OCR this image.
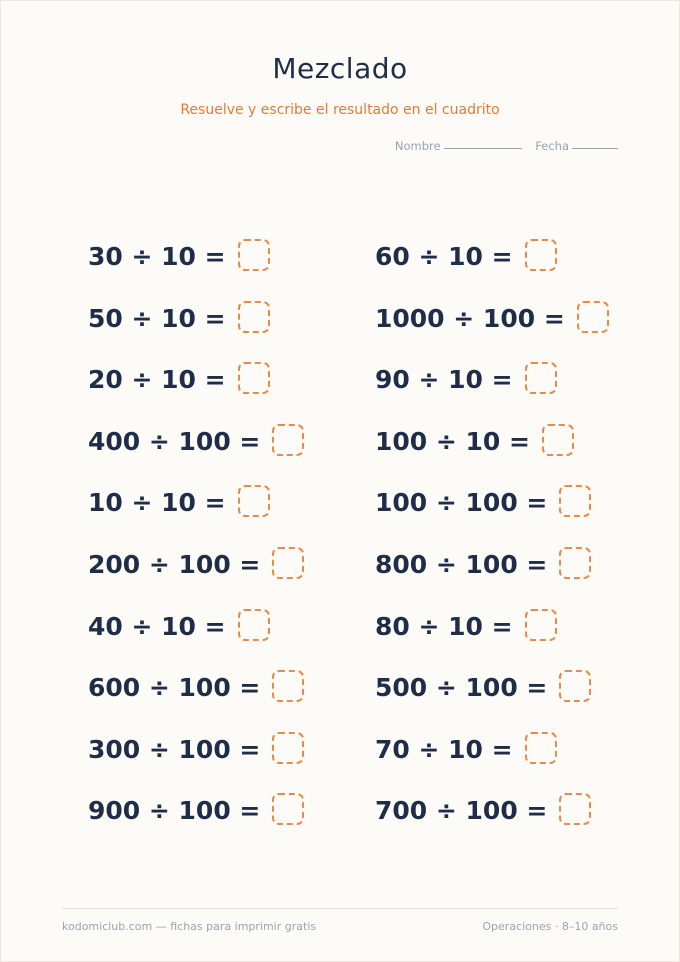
Mezclado
Resuelve y escribe el resultado en el cuadrito
Nombre	Fecha
30 ÷ 10 =
50 ÷ 10 =
20 ÷ 10 =
400 ÷ 100 =
10 ÷ 10 =
200 ÷ 100 =
40 ÷ 10 =
600 ÷ 100 =
300 ÷ 100 =
900 ÷ 100 =
60 ÷ 10 =
1000 ÷ 100 =
90 ÷ 10 =
100 ÷ 10 =
100 ÷ 100 =
800 ÷ 100 =
80 ÷ 10 =
500 ÷ 100 =
70 ÷ 10 =
700 ÷ 100 =
kodomiclub.com — fichas para imprimir gratis	Operaciones · 8–10 años
